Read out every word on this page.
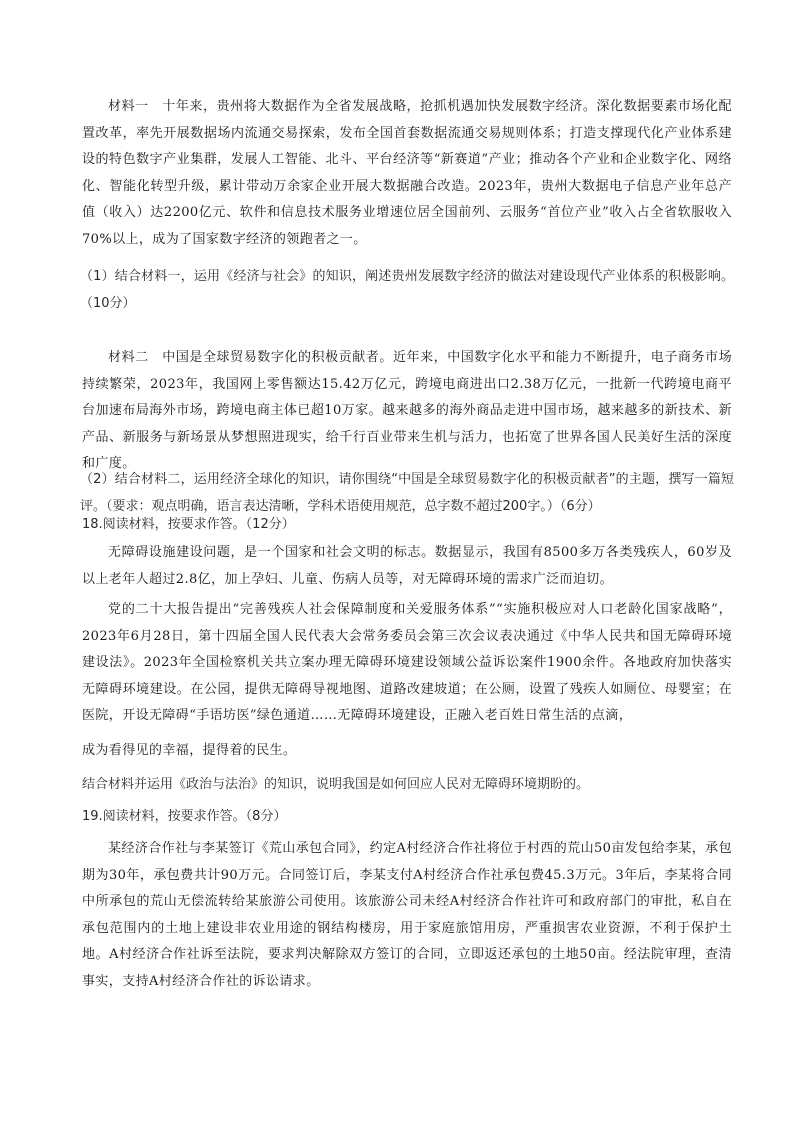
材料一　十年来，贵州将大数据作为全省发展战略，抢抓机遇加快发展数字经济。深化数据要素市场化配置改革，率先开展数据场内流通交易探索，发布全国首套数据流通交易规则体系；打造支撑现代化产业体系建设的特色数字产业集群，发展人工智能、北斗、平台经济等“新赛道”产业；推动各个产业和企业数字化、网络化、智能化转型升级，累计带动万余家企业开展大数据融合改造。2023年，贵州大数据电子信息产业年总产值（收入）达2200亿元、软件和信息技术服务业增速位居全国前列、云服务“首位产业”收入占全省软服收入70%以上，成为了国家数字经济的领跑者之一。

（1）结合材料一，运用《经济与社会》的知识，阐述贵州发展数字经济的做法对建设现代产业体系的积极影响。（10分）

材料二　中国是全球贸易数字化的积极贡献者。近年来，中国数字化水平和能力不断提升，电子商务市场持续繁荣，2023年，我国网上零售额达15.42万亿元，跨境电商进出口2.38万亿元，一批新一代跨境电商平台加速布局海外市场，跨境电商主体已超10万家。越来越多的海外商品走进中国市场，越来越多的新技术、新产品、新服务与新场景从梦想照进现实，给千行百业带来生机与活力，也拓宽了世界各国人民美好生活的深度和广度。

（2）结合材料二，运用经济全球化的知识，请你围绕“中国是全球贸易数字化的积极贡献者”的主题，撰写一篇短评。（要求：观点明确，语言表达清晰，学科术语使用规范，总字数不超过200字。）（6分）

18.阅读材料，按要求作答。（12分）

无障碍设施建设问题，是一个国家和社会文明的标志。数据显示，我国有8500多万各类残疾人，60岁及以上老年人超过2.8亿，加上孕妇、儿童、伤病人员等，对无障碍环境的需求广泛而迫切。

党的二十大报告提出“完善残疾人社会保障制度和关爱服务体系”“实施积极应对人口老龄化国家战略”，2023年6月28日，第十四届全国人民代表大会常务委员会第三次会议表决通过《中华人民共和国无障碍环境建设法》。2023年全国检察机关共立案办理无障碍环境建设领域公益诉讼案件1900余件。各地政府加快落实无障碍环境建设。在公园，提供无障碍导视地图、道路改建坡道；在公厕，设置了残疾人如厕位、母婴室；在医院，开设无障碍“手语坊医”绿色通道……无障碍环境建设，正融入老百姓日常生活的点滴，

成为看得见的幸福，提得着的民生。

结合材料并运用《政治与法治》的知识，说明我国是如何回应人民对无障碍环境期盼的。

19.阅读材料，按要求作答。（8分）

某经济合作社与李某签订《荒山承包合同》，约定A村经济合作社将位于村西的荒山50亩发包给李某，承包期为30年，承包费共计90万元。合同签订后，李某支付A村经济合作社承包费45.3万元。3年后，李某将合同中所承包的荒山无偿流转给某旅游公司使用。该旅游公司未经A村经济合作社许可和政府部门的审批，私自在承包范围内的土地上建设非农业用途的钢结构楼房，用于家庭旅馆用房，严重损害农业资源，不利于保护土地。A村经济合作社诉至法院，要求判决解除双方签订的合同，立即返还承包的土地50亩。经法院审理，查清事实，支持A村经济合作社的诉讼请求。
